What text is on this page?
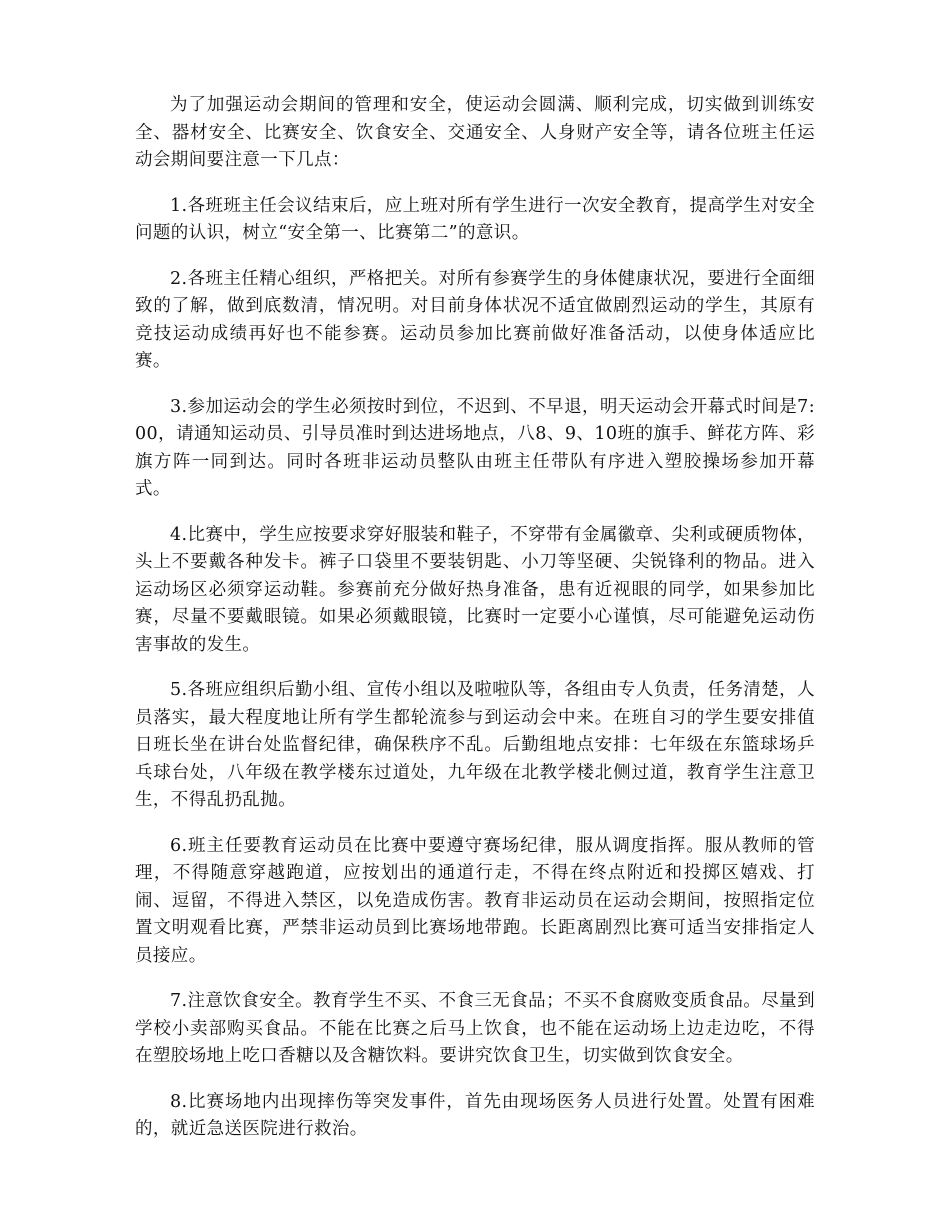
为了加强运动会期间的管理和安全，使运动会圆满、顺利完成，切实做到训练安全、器材安全、比赛安全、饮食安全、交通安全、人身财产安全等，请各位班主任运动会期间要注意一下几点：

1.各班班主任会议结束后，应上班对所有学生进行一次安全教育，提高学生对安全问题的认识，树立“安全第一、比赛第二”的意识。

2.各班主任精心组织，严格把关。对所有参赛学生的身体健康状况，要进行全面细致的了解，做到底数清，情况明。对目前身体状况不适宜做剧烈运动的学生，其原有竞技运动成绩再好也不能参赛。运动员参加比赛前做好准备活动，以使身体适应比赛。

3.参加运动会的学生必须按时到位，不迟到、不早退，明天运动会开幕式时间是7:00，请通知运动员、引导员准时到达进场地点，八8、9、10班的旗手、鲜花方阵、彩旗方阵一同到达。同时各班非运动员整队由班主任带队有序进入塑胶操场参加开幕式。

4.比赛中，学生应按要求穿好服装和鞋子，不穿带有金属徽章、尖利或硬质物体，头上不要戴各种发卡。裤子口袋里不要装钥匙、小刀等坚硬、尖锐锋利的物品。进入运动场区必须穿运动鞋。参赛前充分做好热身准备，患有近视眼的同学，如果参加比赛，尽量不要戴眼镜。如果必须戴眼镜，比赛时一定要小心谨慎，尽可能避免运动伤害事故的发生。

5.各班应组织后勤小组、宣传小组以及啦啦队等，各组由专人负责，任务清楚，人员落实，最大程度地让所有学生都轮流参与到运动会中来。在班自习的学生要安排值日班长坐在讲台处监督纪律，确保秩序不乱。后勤组地点安排：七年级在东篮球场乒乓球台处，八年级在教学楼东过道处，九年级在北教学楼北侧过道，教育学生注意卫生，不得乱扔乱抛。

6.班主任要教育运动员在比赛中要遵守赛场纪律，服从调度指挥。服从教师的管理，不得随意穿越跑道，应按划出的通道行走，不得在终点附近和投掷区嬉戏、打闹、逗留，不得进入禁区，以免造成伤害。教育非运动员在运动会期间，按照指定位置文明观看比赛，严禁非运动员到比赛场地带跑。长距离剧烈比赛可适当安排指定人员接应。

7.注意饮食安全。教育学生不买、不食三无食品；不买不食腐败变质食品。尽量到学校小卖部购买食品。不能在比赛之后马上饮食，也不能在运动场上边走边吃，不得在塑胶场地上吃口香糖以及含糖饮料。要讲究饮食卫生，切实做到饮食安全。

8.比赛场地内出现摔伤等突发事件，首先由现场医务人员进行处置。处置有困难的，就近急送医院进行救治。
